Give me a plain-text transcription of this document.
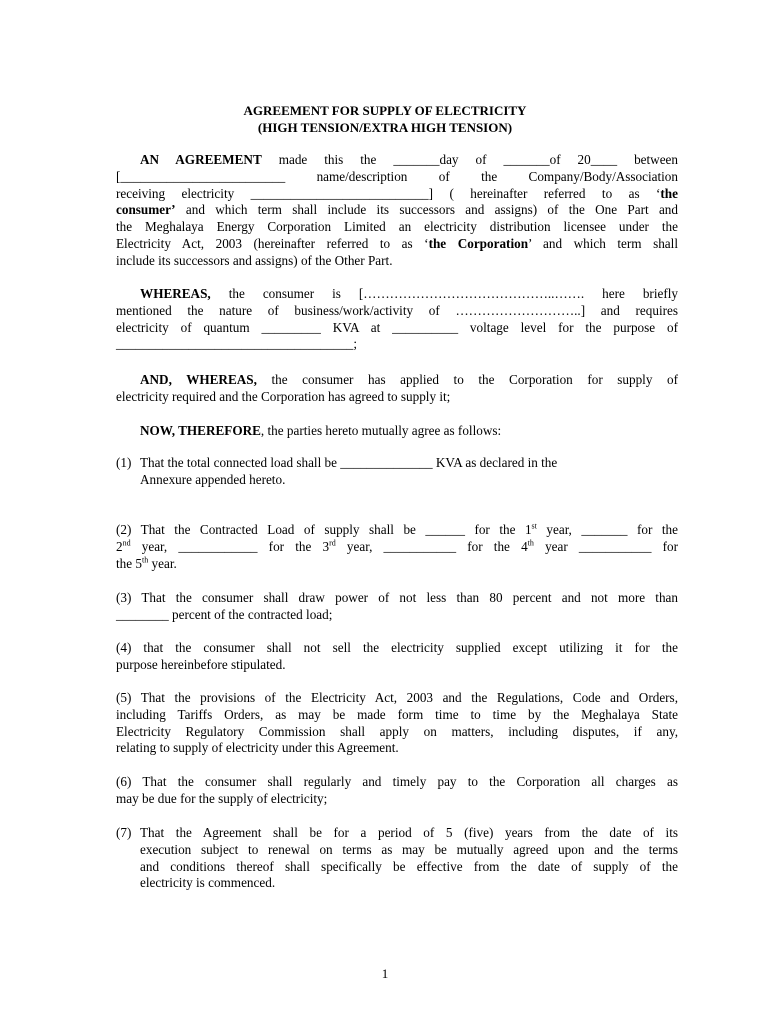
AGREEMENT FOR SUPPLY OF ELECTRICITY
(HIGH TENSION/EXTRA HIGH TENSION)
AN AGREEMENT made this the _______day of _______of 20____ between
[_________________________ name/description of the Company/Body/Association
receiving electricity ___________________________] ( hereinafter referred to as ‘the
consumer’ and which term shall include its successors and assigns) of the One Part and
the Meghalaya Energy Corporation Limited an electricity distribution licensee under the
Electricity Act, 2003 (hereinafter referred to as ‘the Corporation’ and which term shall
include its successors and assigns) of the Other Part.
WHEREAS, the consumer is [……………………………………..……. here briefly
mentioned the nature of business/work/activity of ………………………..] and requires
electricity of quantum _________ KVA at __________ voltage level for the purpose of
____________________________________;
AND, WHEREAS, the consumer has applied to the Corporation for supply of
electricity required and the Corporation has agreed to supply it;
NOW, THEREFORE, the parties hereto mutually agree as follows:
(1) That the total connected load shall be ______________ KVA as declared in the
Annexure appended hereto.
(2) That the Contracted Load of supply shall be ______ for the 1st year, _______ for the
2nd year, ____________ for the 3rd year, ___________ for the 4th year ___________ for
the 5th year.
(3) That the consumer shall draw power of not less than 80 percent and not more than
________ percent of the contracted load;
(4) that the consumer shall not sell the electricity supplied except utilizing it for the
purpose hereinbefore stipulated.
(5) That the provisions of the Electricity Act, 2003 and the Regulations, Code and Orders,
including Tariffs Orders, as may be made form time to time by the Meghalaya State
Electricity Regulatory Commission shall apply on matters, including disputes, if any,
relating to supply of electricity under this Agreement.
(6) That the consumer shall regularly and timely pay to the Corporation all charges as
may be due for the supply of electricity;
(7) That the Agreement shall be for a period of 5 (five) years from the date of its
execution subject to renewal on terms as may be mutually agreed upon and the terms
and conditions thereof shall specifically be effective from the date of supply of the
electricity is commenced.
1
